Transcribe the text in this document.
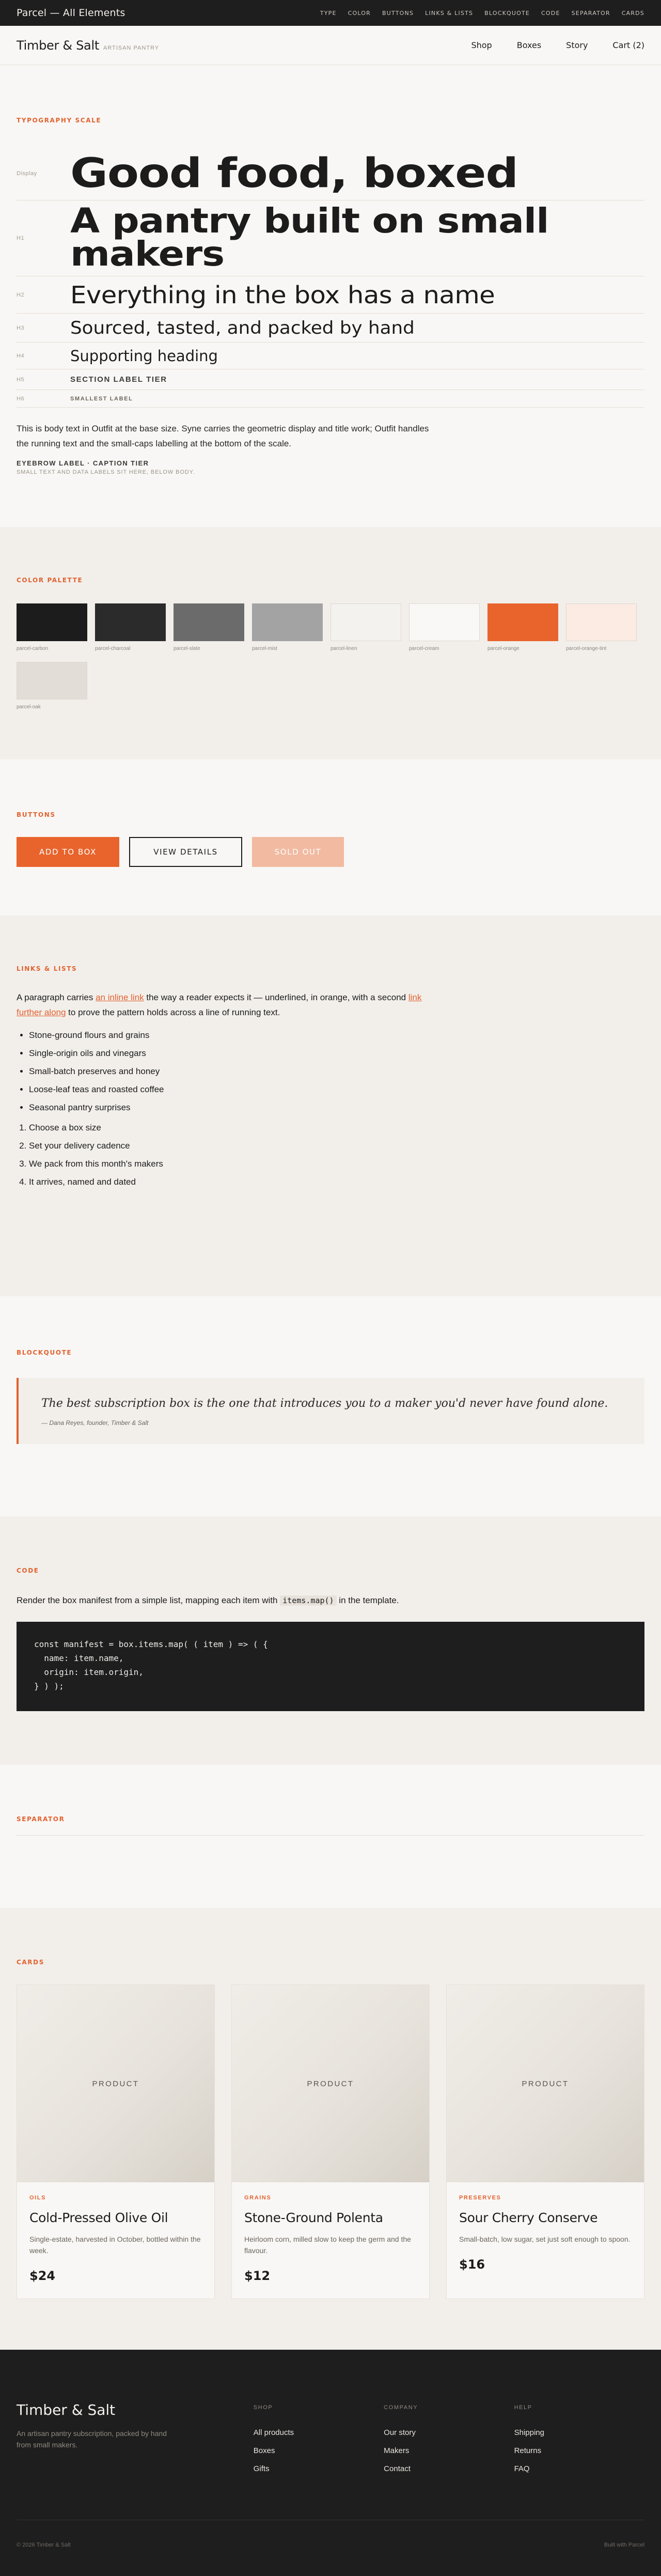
Parcel — All Elements	TYPE COLOR BUTTONS LINKS & LISTS BLOCKQUOTE CODE SEPARATOR CARDS
Timber & Salt ARTISAN PANTRY	Shop	Boxes	Story	Cart (2)
TYPOGRAPHY SCALE
Display Good food, boxed
H1	A pantry built on small makers
H2	Everything in the box has a name
H3	Sourced, tasted, and packed by hand
H4	Supporting heading
H5	SECTION LABEL TIER
H6	SMALLEST LABEL

This is body text in Outfit at the base size. Syne carries the geometric display and title work; Outfit handles the running text and the small-caps labelling at the bottom of the scale.

EYEBROW LABEL · CAPTION TIER
SMALL TEXT AND DATA LABELS SIT HERE, BELOW BODY.
COLOR PALETTE
parcel-carbon	parcel-charcoal	parcel-slate	parcel-mist	parcel-linen	parcel-cream	parcel-orange	parcel-orange-tint
parcel-oak
BUTTONS
ADD TO BOX	VIEW DETAILS	SOLD OUT
LINKS & LISTS

A paragraph carries an inline link the way a reader expects it — underlined, in orange, with a second link further along to prove the pattern holds across a line of running text.

• Stone-ground flours and grains
• Single-origin oils and vinegars
• Small-batch preserves and honey
• Loose-leaf teas and roasted coffee
• Seasonal pantry surprises
1. Choose a box size
2. Set your delivery cadence
3. We pack from this month's makers
4. It arrives, named and dated
BLOCKQUOTE

The best subscription box is the one that introduces you to a maker you'd never have found alone.

— Dana Reyes, founder, Timber & Salt

CODE

Render the box manifest from a simple list, mapping each item with items.map() in the template.

const manifest = box.items.map( ( item ) => ( {
name: item.name,
origin: item.origin,
} ) );
SEPARATOR
CARDS
PRODUCT
OILS
Cold-Pressed Olive Oil
Single-estate, harvested in October, bottled within the week.
$24
PRODUCT
GRAINS
Stone-Ground Polenta
Heirloom corn, milled slow to keep the germ and the flavour.
$12
PRODUCT
PRESERVES
Sour Cherry Conserve
Small-batch, low sugar, set just soft enough to spoon.
$16
Timber & Salt
An artisan pantry subscription, packed by hand from small makers.
SHOP
All products
Boxes
Gifts
COMPANY
Our story
Makers
Contact
HELP
Shipping
Returns
FAQ
© 2026 Timber & Salt	Built with Parcel
